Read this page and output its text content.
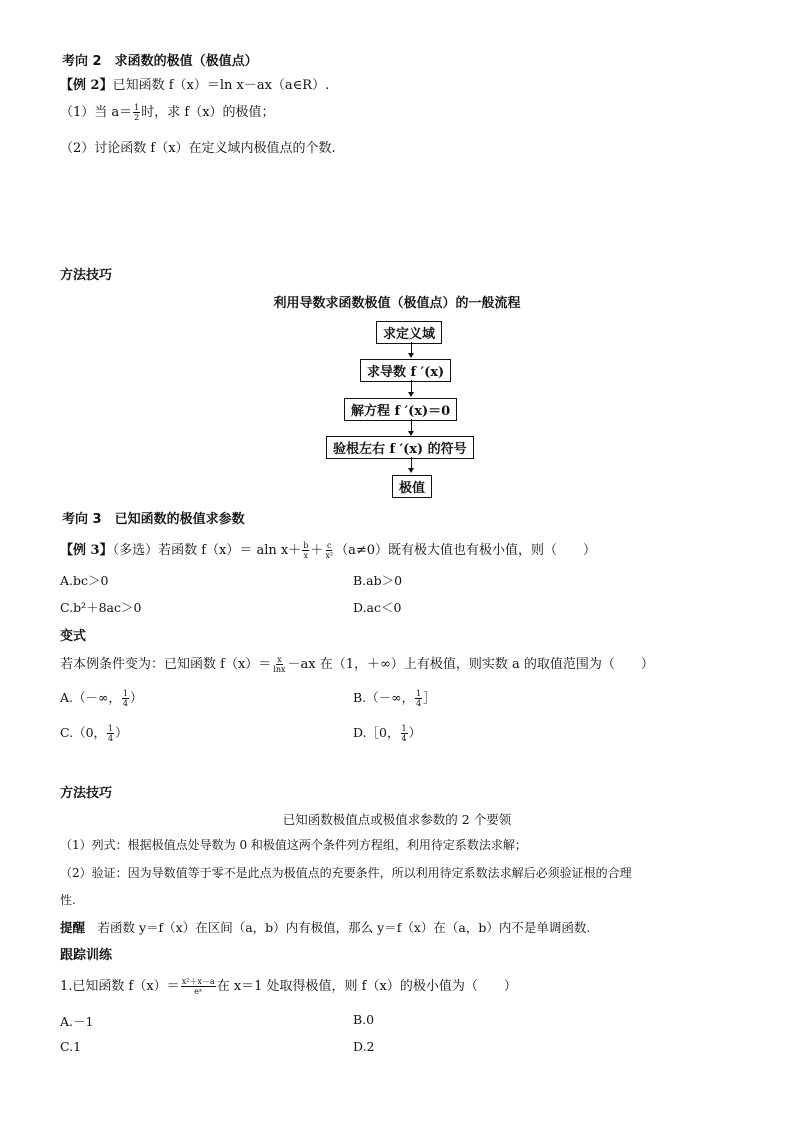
考向 2　求函数的极值（极值点）
【例 2】已知函数 f（x）＝ln x－ax（a∈R）.
（1）当 $a= \frac{1}{2}$ 时，求 f（x）的极值；
（2）讨论函数 f（x）在定义域内极值点的个数.
方法技巧
利用导数求函数极值（极值点）的一般流程
求定义域
求导数 f ′(x)
解方程 f ′(x)＝0
验根左右 f ′(x) 的符号
极值
考向 3　已知函数的极值求参数
【例 3】（多选）若函数 f（x）＝ aln $x+ \frac{b}{x} + \frac{c}{\text{x²}} (a\ne 0)$既有极大值也有极小值，则（　　）
A.bc＞0	B.ab＞0
C.b²＋8ac＞0	D.ac＜0
变式
若本例条件变为：已知函数 $f(x)= \frac{x}{\ln x} -ax$ 在（1，＋∞）上有极值，则实数 a 的取值范围为（　　）
A.（－∞， $\frac{1}{4}$ ）	B.（－∞， $\frac{1}{4}$ ］
C.（0， $\frac{1}{4}$ ）	D.［0， $\frac{1}{4}$ ）
方法技巧
已知函数极值点或极值求参数的 2 个要领
（1）列式：根据极值点处导数为 0 和极值这两个条件列方程组，利用待定系数法求解；
（2）验证：因为导数值等于零不是此点为极值点的充要条件，所以利用待定系数法求解后必须验证根的合理
性.
提醒　若函数 y＝f（x）在区间（a，b）内有极值，那么 y＝f（x）在（a，b）内不是单调函数.
跟踪训练
1.已知函数 $f(x)= \frac{\text{x²＋x－a}}{\text{eˣ}}$ 在 x＝1 处取得极值，则 f（x）的极小值为（　　）
A.－1	B.0
C.1	D.2
